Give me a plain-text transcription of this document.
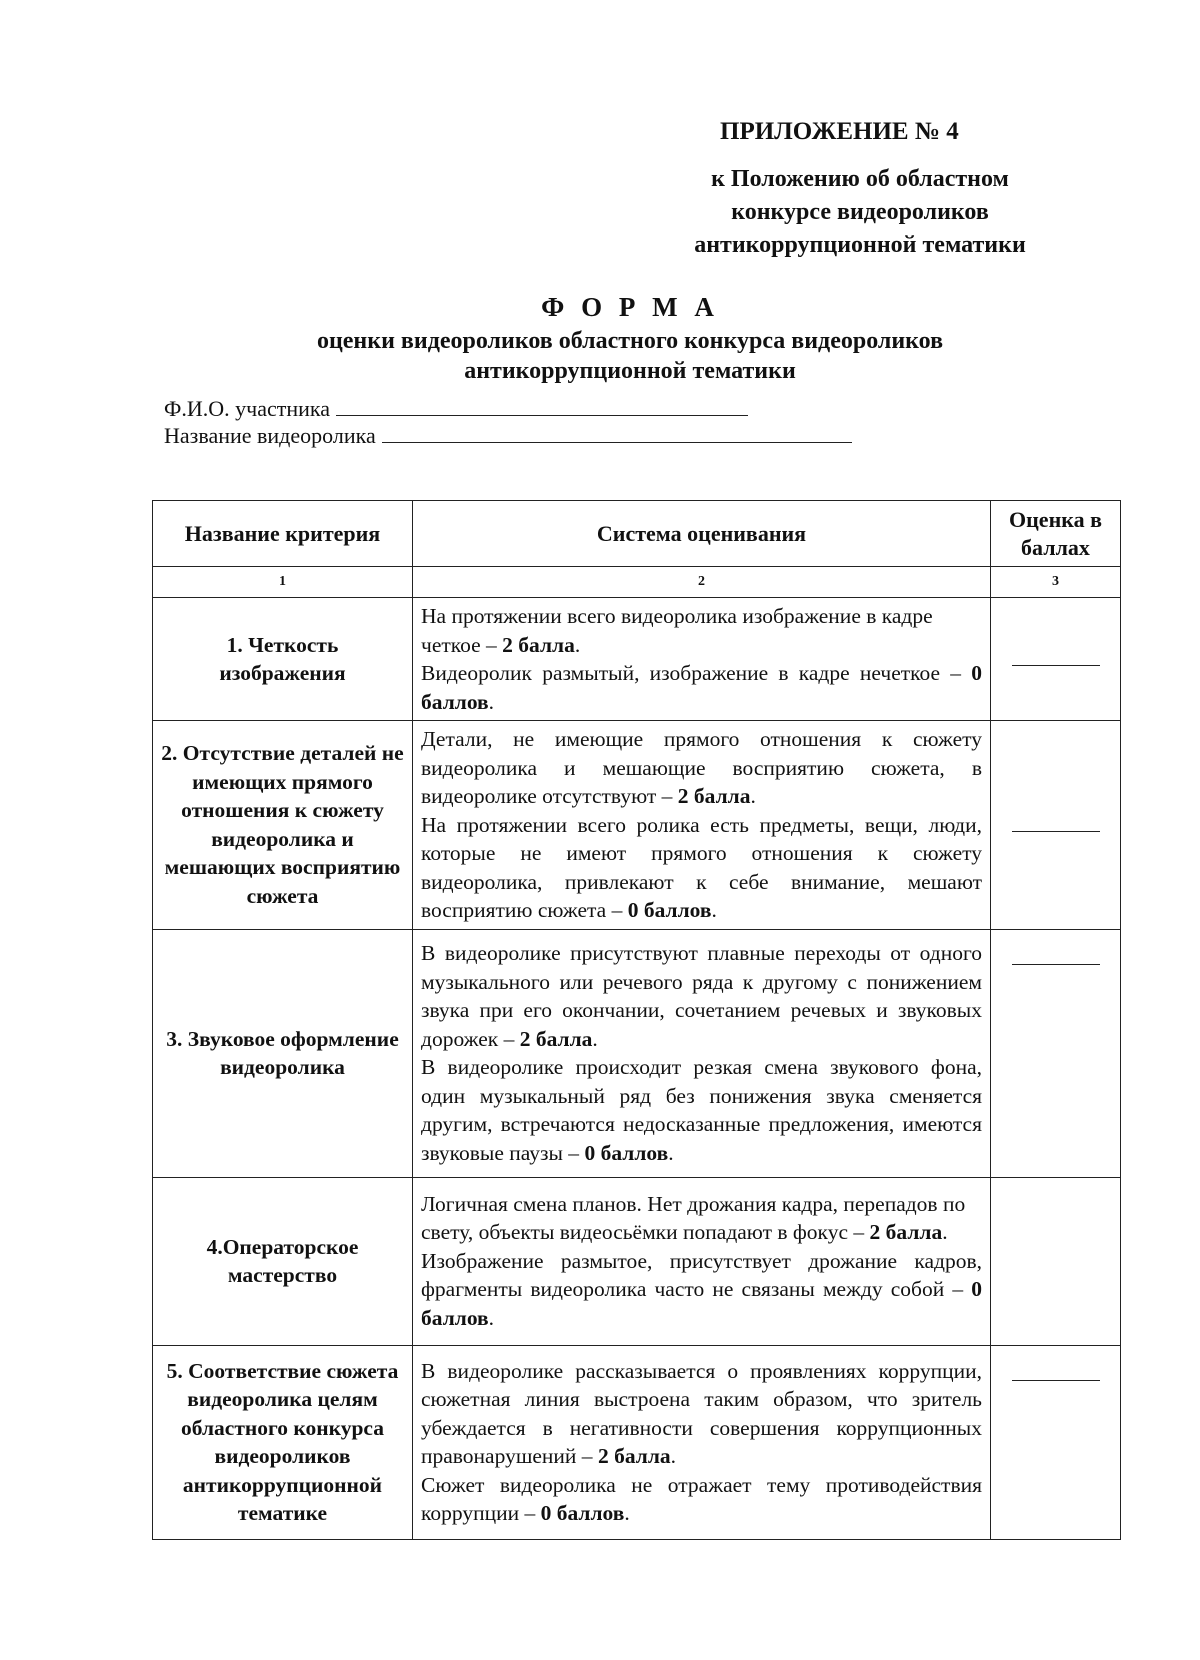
ПРИЛОЖЕНИЕ № 4
к Положению об областном
конкурсе видеороликов
антикоррупционной тематики
Ф О Р М А
оценки видеороликов областного конкурса видеороликов
антикоррупционной тематики
Ф.И.О. участника
Название видеоролика
Название критерия	Система оценивания	Оценка в баллах
1	2	3
1. Четкость изображения	На протяжении всего видеоролика изображение в кадре четкое – 2 балла.
Видеоролик размытый, изображение в кадре нечеткое – 0 баллов.	

2. Отсутствие деталей не имеющих прямого отношения к сюжету видеоролика и мешающих восприятию сюжета	Детали, не имеющие прямого отношения к сюжету видеоролика и мешающие восприятию сюжета, в видеоролике отсутствуют – 2 балла.
На протяжении всего ролика есть предметы, вещи, люди, которые не имеют прямого отношения к сюжету видеоролика, привлекают к себе внимание, мешают восприятию сюжета – 0 баллов.	

3. Звуковое оформление видеоролика	В видеоролике присутствуют плавные переходы от одного музыкального или речевого ряда к другому с понижением звука при его окончании, сочетанием речевых и звуковых дорожек – 2 балла.
В видеоролике происходит резкая смена звукового фона, один музыкальный ряд без понижения звука сменяется другим, встречаются недосказанные предложения, имеются звуковые паузы – 0 баллов.	

4.Операторское мастерство	Логичная смена планов. Нет дрожания кадра, перепадов по свету, объекты видеосьёмки попадают в фокус – 2 балла.
Изображение размытое, присутствует дрожание кадров, фрагменты видеоролика часто не связаны между собой – 0 баллов.	

5. Соответствие сюжета видеоролика целям областного конкурса видеороликов антикоррупционной тематике	В видеоролике рассказывается о проявлениях коррупции, сюжетная линия выстроена таким образом, что зритель убеждается в негативности совершения коррупционных правонарушений – 2 балла.
Сюжет видеоролика не отражает тему противодействия коррупции – 0 баллов.	
